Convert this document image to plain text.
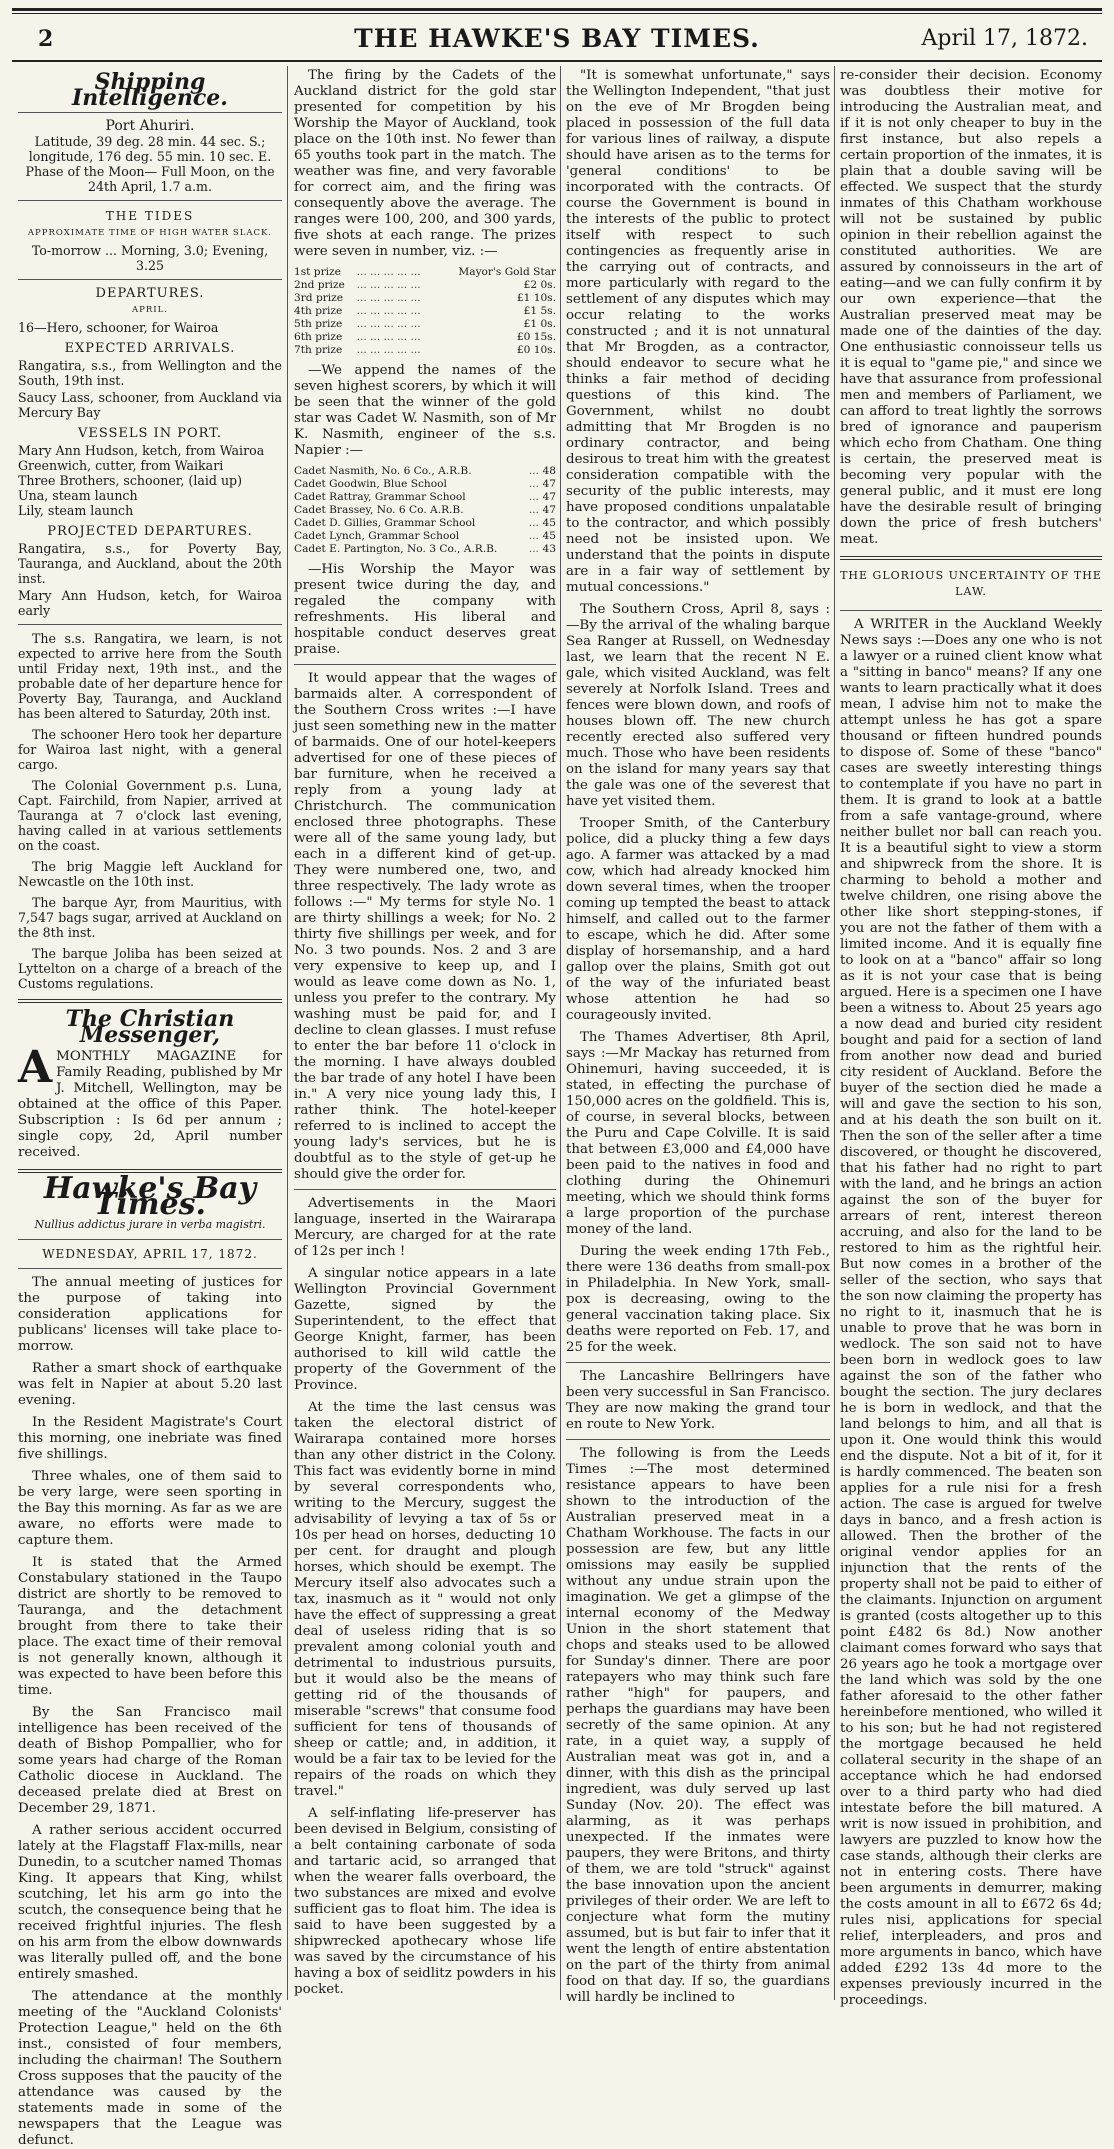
2	THE HAWKE'S BAY TIMES.	April 17, 1872.
Shipping Intelligence.

Port Ahuriri.

Latitude, 39 deg. 28 min. 44 sec. S.; longitude, 176 deg. 55 min. 10 sec. E.

Phase of the Moon— Full Moon, on the 24th April, 1.7 a.m.

THE TIDES
APPROXIMATE TIME OF HIGH WATER SLACK.

To-morrow ... Morning, 3.0; Evening, 3.25

DEPARTURES.
APRIL.

16—Hero, schooner, for Wairoa

EXPECTED ARRIVALS.

Rangatira, s.s., from Wellington and the South, 19th inst.

Saucy Lass, schooner, from Auckland via Mercury Bay

VESSELS IN PORT.

Mary Ann Hudson, ketch, from Wairoa

Greenwich, cutter, from Waikari

Three Brothers, schooner, (laid up)

Una, steam launch

Lily, steam launch

PROJECTED DEPARTURES.

Rangatira, s.s., for Poverty Bay, Tauranga, and Auckland, about the 20th inst.

Mary Ann Hudson, ketch, for Wairoa early

The s.s. Rangatira, we learn, is not expected to arrive here from the South until Friday next, 19th inst., and the probable date of her departure hence for Poverty Bay, Tauranga, and Auckland has been altered to Saturday, 20th inst.

The schooner Hero took her departure for Wairoa last night, with a general cargo.

The Colonial Government p.s. Luna, Capt. Fairchild, from Napier, arrived at Tauranga at 7 o'clock last evening, having called in at various settlements on the coast.

The brig Maggie left Auckland for Newcastle on the 10th inst.

The barque Ayr, from Mauritius, with 7,547 bags sugar, arrived at Auckland on the 8th inst.

The barque Joliba has been seized at Lyttelton on a charge of a breach of the Customs regulations.

The Christian Messenger,
A MONTHLY MAGAZINE for Family Reading, published by Mr J. Mitchell, Wellington, may be obtained at the office of this Paper. Subscription : Is 6d per annum ; single copy, 2d, April number received.
Hawke's Bay Times.
Nullius addictus jurare in verba magistri.
WEDNESDAY, APRIL 17, 1872.

The annual meeting of justices for the purpose of taking into consideration applications for publicans' licenses will take place to-morrow.

Rather a smart shock of earthquake was felt in Napier at about 5.20 last evening.

In the Resident Magistrate's Court this morning, one inebriate was fined five shillings.

Three whales, one of them said to be very large, were seen sporting in the Bay this morning. As far as we are aware, no efforts were made to capture them.

It is stated that the Armed Constabulary stationed in the Taupo district are shortly to be removed to Tauranga, and the detachment brought from there to take their place. The exact time of their removal is not generally known, although it was expected to have been before this time.

By the San Francisco mail intelligence has been received of the death of Bishop Pompallier, who for some years had charge of the Roman Catholic diocese in Auckland. The deceased prelate died at Brest on December 29, 1871.

A rather serious accident occurred lately at the Flagstaff Flax-mills, near Dunedin, to a scutcher named Thomas King. It appears that King, whilst scutching, let his arm go into the scutch, the consequence being that he received frightful injuries. The flesh on his arm from the elbow downwards was literally pulled off, and the bone entirely smashed.

The attendance at the monthly meeting of the "Auckland Colonists' Protection League," held on the 6th inst., consisted of four members, including the chairman! The Southern Cross supposes that the paucity of the attendance was caused by the statements made in some of the newspapers that the League was defunct.

The firing by the Cadets of the Auckland district for the gold star presented for competition by his Worship the Mayor of Auckland, took place on the 10th inst. No fewer than 65 youths took part in the match. The weather was fine, and very favorable for correct aim, and the firing was consequently above the average. The ranges were 100, 200, and 300 yards, five shots at each range. The prizes were seven in number, viz. :—

1st prize	... ... ... ... ...	Mayor's Gold Star
2nd prize	... ... ... ... ...	£2 0s.
3rd prize	... ... ... ... ...	£1 10s.
4th prize	... ... ... ... ...	£1 5s.
5th prize	... ... ... ... ...	£1 0s.
6th prize	... ... ... ... ...	£0 15s.
7th prize	... ... ... ... ...	£0 10s.

—We append the names of the seven highest scorers, by which it will be seen that the winner of the gold star was Cadet W. Nasmith, son of Mr K. Nasmith, engineer of the s.s. Napier :—

Cadet Nasmith, No. 6 Co., A.R.B.	...	48
Cadet Goodwin, Blue School	...	47
Cadet Rattray, Grammar School	...	47
Cadet Brassey, No. 6 Co. A.R.B.	...	47
Cadet D. Gillies, Grammar School	...	45
Cadet Lynch, Grammar School	...	45
Cadet E. Partington, No. 3 Co., A.R.B.	...	43

—His Worship the Mayor was present twice during the day, and regaled the company with refreshments. His liberal and hospitable conduct deserves great praise.

It would appear that the wages of barmaids alter. A correspondent of the Southern Cross writes :—I have just seen something new in the matter of barmaids. One of our hotel-keepers advertised for one of these pieces of bar furniture, when he received a reply from a young lady at Christchurch. The communication enclosed three photographs. These were all of the same young lady, but each in a different kind of get-up. They were numbered one, two, and three respectively. The lady wrote as follows :—" My terms for style No. 1 are thirty shillings a week; for No. 2 thirty five shillings per week, and for No. 3 two pounds. Nos. 2 and 3 are very expensive to keep up, and I would as leave come down as No. 1, unless you prefer to the contrary. My washing must be paid for, and I decline to clean glasses. I must refuse to enter the bar before 11 o'clock in the morning. I have always doubled the bar trade of any hotel I have been in." A very nice young lady this, I rather think. The hotel-keeper referred to is inclined to accept the young lady's services, but he is doubtful as to the style of get-up he should give the order for.

Advertisements in the Maori language, inserted in the Wairarapa Mercury, are charged for at the rate of 12s per inch !

A singular notice appears in a late Wellington Provincial Government Gazette, signed by the Superintendent, to the effect that George Knight, farmer, has been authorised to kill wild cattle the property of the Government of the Province.

At the time the last census was taken the electoral district of Wairarapa contained more horses than any other district in the Colony. This fact was evidently borne in mind by several correspondents who, writing to the Mercury, suggest the advisability of levying a tax of 5s or 10s per head on horses, deducting 10 per cent. for draught and plough horses, which should be exempt. The Mercury itself also advocates such a tax, inasmuch as it " would not only have the effect of suppressing a great deal of useless riding that is so prevalent among colonial youth and detrimental to industrious pursuits, but it would also be the means of getting rid of the thousands of miserable "screws" that consume food sufficient for tens of thousands of sheep or cattle; and, in addition, it would be a fair tax to be levied for the repairs of the roads on which they travel."

A self-inflating life-preserver has been devised in Belgium, consisting of a belt containing carbonate of soda and tartaric acid, so arranged that when the wearer falls overboard, the two substances are mixed and evolve sufficient gas to float him. The idea is said to have been suggested by a shipwrecked apothecary whose life was saved by the circumstance of his having a box of seidlitz powders in his pocket.

"It is somewhat unfortunate," says the Wellington Independent, "that just on the eve of Mr Brogden being placed in possession of the full data for various lines of railway, a dispute should have arisen as to the terms for 'general conditions' to be incorporated with the contracts. Of course the Government is bound in the interests of the public to protect itself with respect to such contingencies as frequently arise in the carrying out of contracts, and more particularly with regard to the settlement of any disputes which may occur relating to the works constructed ; and it is not unnatural that Mr Brogden, as a contractor, should endeavor to secure what he thinks a fair method of deciding questions of this kind. The Government, whilst no doubt admitting that Mr Brogden is no ordinary contractor, and being desirous to treat him with the greatest consideration compatible with the security of the public interests, may have proposed conditions unpalatable to the contractor, and which possibly need not be insisted upon. We understand that the points in dispute are in a fair way of settlement by mutual concessions."

The Southern Cross, April 8, says : —By the arrival of the whaling barque Sea Ranger at Russell, on Wednesday last, we learn that the recent N E. gale, which visited Auckland, was felt severely at Norfolk Island. Trees and fences were blown down, and roofs of houses blown off. The new church recently erected also suffered very much. Those who have been residents on the island for many years say that the gale was one of the severest that have yet visited them.

Trooper Smith, of the Canterbury police, did a plucky thing a few days ago. A farmer was attacked by a mad cow, which had already knocked him down several times, when the trooper coming up tempted the beast to attack himself, and called out to the farmer to escape, which he did. After some display of horsemanship, and a hard gallop over the plains, Smith got out of the way of the infuriated beast whose attention he had so courageously invited.

The Thames Advertiser, 8th April, says :—Mr Mackay has returned from Ohinemuri, having succeeded, it is stated, in effecting the purchase of 150,000 acres on the goldfield. This is, of course, in several blocks, between the Puru and Cape Colville. It is said that between £3,000 and £4,000 have been paid to the natives in food and clothing during the Ohinemuri meeting, which we should think forms a large proportion of the purchase money of the land.

During the week ending 17th Feb., there were 136 deaths from small-pox in Philadelphia. In New York, small-pox is decreasing, owing to the general vaccination taking place. Six deaths were reported on Feb. 17, and 25 for the week.

The Lancashire Bellringers have been very successful in San Francisco. They are now making the grand tour en route to New York.

The following is from the Leeds Times :—The most determined resistance appears to have been shown to the introduction of the Australian preserved meat in a Chatham Workhouse. The facts in our possession are few, but any little omissions may easily be supplied without any undue strain upon the imagination. We get a glimpse of the internal economy of the Medway Union in the short statement that chops and steaks used to be allowed for Sunday's dinner. There are poor ratepayers who may think such fare rather "high" for paupers, and perhaps the guardians may have been secretly of the same opinion. At any rate, in a quiet way, a supply of Australian meat was got in, and a dinner, with this dish as the principal ingredient, was duly served up last Sunday (Nov. 20). The effect was alarming, as it was perhaps unexpected. If the inmates were paupers, they were Britons, and thirty of them, we are told "struck" against the base innovation upon the ancient privileges of their order. We are left to conjecture what form the mutiny assumed, but is but fair to infer that it went the length of entire abstentation on the part of the thirty from animal food on that day. If so, the guardians will hardly be inclined to

re-consider their decision. Economy was doubtless their motive for introducing the Australian meat, and if it is not only cheaper to buy in the first instance, but also repels a certain proportion of the inmates, it is plain that a double saving will be effected. We suspect that the sturdy inmates of this Chatham workhouse will not be sustained by public opinion in their rebellion against the constituted authorities. We are assured by connoisseurs in the art of eating—and we can fully confirm it by our own experience—that the Australian preserved meat may be made one of the dainties of the day. One enthusiastic connoisseur tells us it is equal to "game pie," and since we have that assurance from professional men and members of Parliament, we can afford to treat lightly the sorrows bred of ignorance and pauperism which echo from Chatham. One thing is certain, the preserved meat is becoming very popular with the general public, and it must ere long have the desirable result of bringing down the price of fresh butchers' meat.

THE GLORIOUS UNCERTAINTY OF THE LAW.

A WRITER in the Auckland Weekly News says :—Does any one who is not a lawyer or a ruined client know what a "sitting in banco" means? If any one wants to learn practically what it does mean, I advise him not to make the attempt unless he has got a spare thousand or fifteen hundred pounds to dispose of. Some of these "banco" cases are sweetly interesting things to contemplate if you have no part in them. It is grand to look at a battle from a safe vantage-ground, where neither bullet nor ball can reach you. It is a beautiful sight to view a storm and shipwreck from the shore. It is charming to behold a mother and twelve children, one rising above the other like short stepping-stones, if you are not the father of them with a limited income. And it is equally fine to look on at a "banco" affair so long as it is not your case that is being argued. Here is a specimen one I have been a witness to. About 25 years ago a now dead and buried city resident bought and paid for a section of land from another now dead and buried city resident of Auckland. Before the buyer of the section died he made a will and gave the section to his son, and at his death the son built on it. Then the son of the seller after a time discovered, or thought he discovered, that his father had no right to part with the land, and he brings an action against the son of the buyer for arrears of rent, interest thereon accruing, and also for the land to be restored to him as the rightful heir. But now comes in a brother of the seller of the section, who says that the son now claiming the property has no right to it, inasmuch that he is unable to prove that he was born in wedlock. The son said not to have been born in wedlock goes to law against the son of the father who bought the section. The jury declares he is born in wedlock, and that the land belongs to him, and all that is upon it. One would think this would end the dispute. Not a bit of it, for it is hardly commenced. The beaten son applies for a rule nisi for a fresh action. The case is argued for twelve days in banco, and a fresh action is allowed. Then the brother of the original vendor applies for an injunction that the rents of the property shall not be paid to either of the claimants. Injunction on argument is granted (costs altogether up to this point £482 6s 8d.) Now another claimant comes forward who says that 26 years ago he took a mortgage over the land which was sold by the one father aforesaid to the other father hereinbefore mentioned, who willed it to his son; but he had not registered the mortgage becaused he held collateral security in the shape of an acceptance which he had endorsed over to a third party who had died intestate before the bill matured. A writ is now issued in prohibition, and lawyers are puzzled to know how the case stands, although their clerks are not in entering costs. There have been arguments in demurrer, making the costs amount in all to £672 6s 4d; rules nisi, applications for special relief, interpleaders, and pros and more arguments in banco, which have added £292 13s 4d more to the expenses previously incurred in the proceedings.
